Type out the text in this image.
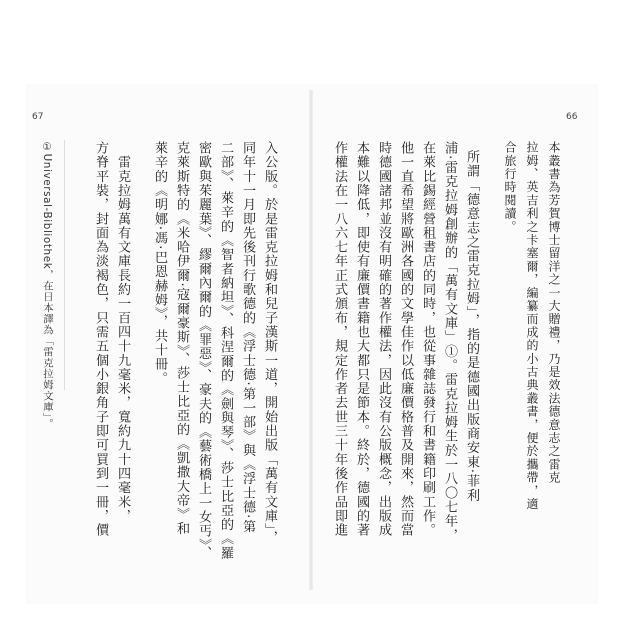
67	66
本叢書為芳賀博士留洋之一大贈禮，乃是效法德意志之雷克
拉姆、英吉利之卡塞爾，編纂而成的小古典叢書，便於攜帶，適
合旅行時閱讀。
所謂「德意志之雷克拉姆」，指的是德國出版商安東‧菲利
浦‧雷克拉姆創辦的「萬有文庫」①。雷克拉姆生於一八〇七年，
在萊比錫經營租書店的同時，也從事雜誌發行和書籍印刷工作。
他一直希望將歐洲各國的文學佳作以低廉價格普及開來，然而當
時德國諸邦並沒有明確的著作權法，因此沒有公版概念，出版成
本難以降低，即使有廉價書籍也大都只是節本。終於，德國的著
作權法在一八六七年正式頒布，規定作者去世三十年後作品即進
入公版。於是雷克拉姆和兒子漢斯一道，開始出版「萬有文庫」，
同年十一月即先後刊行歌德的《浮士德‧第一部》與《浮士德‧第
二部》、萊辛的《智者納坦》、科涅爾的《劍與琴》、莎士比亞的《羅
密歐與茱麗葉》、繆爾內爾的《罪惡》、豪夫的《藝術橋上一女丐》、
克萊斯特的《米哈伊爾‧寇爾豪斯》、莎士比亞的《凱撒大帝》和
萊辛的《明娜‧馮‧巴恩赫姆》，共十冊。
　雷克拉姆萬有文庫長約一百四十九毫米，寬約九十四毫米，
方脊平裝，封面為淡褐色，只需五個小銀角子即可買到一冊，價
①Universal-Bibliothek，在日本譯為「雷克拉姆文庫」。
